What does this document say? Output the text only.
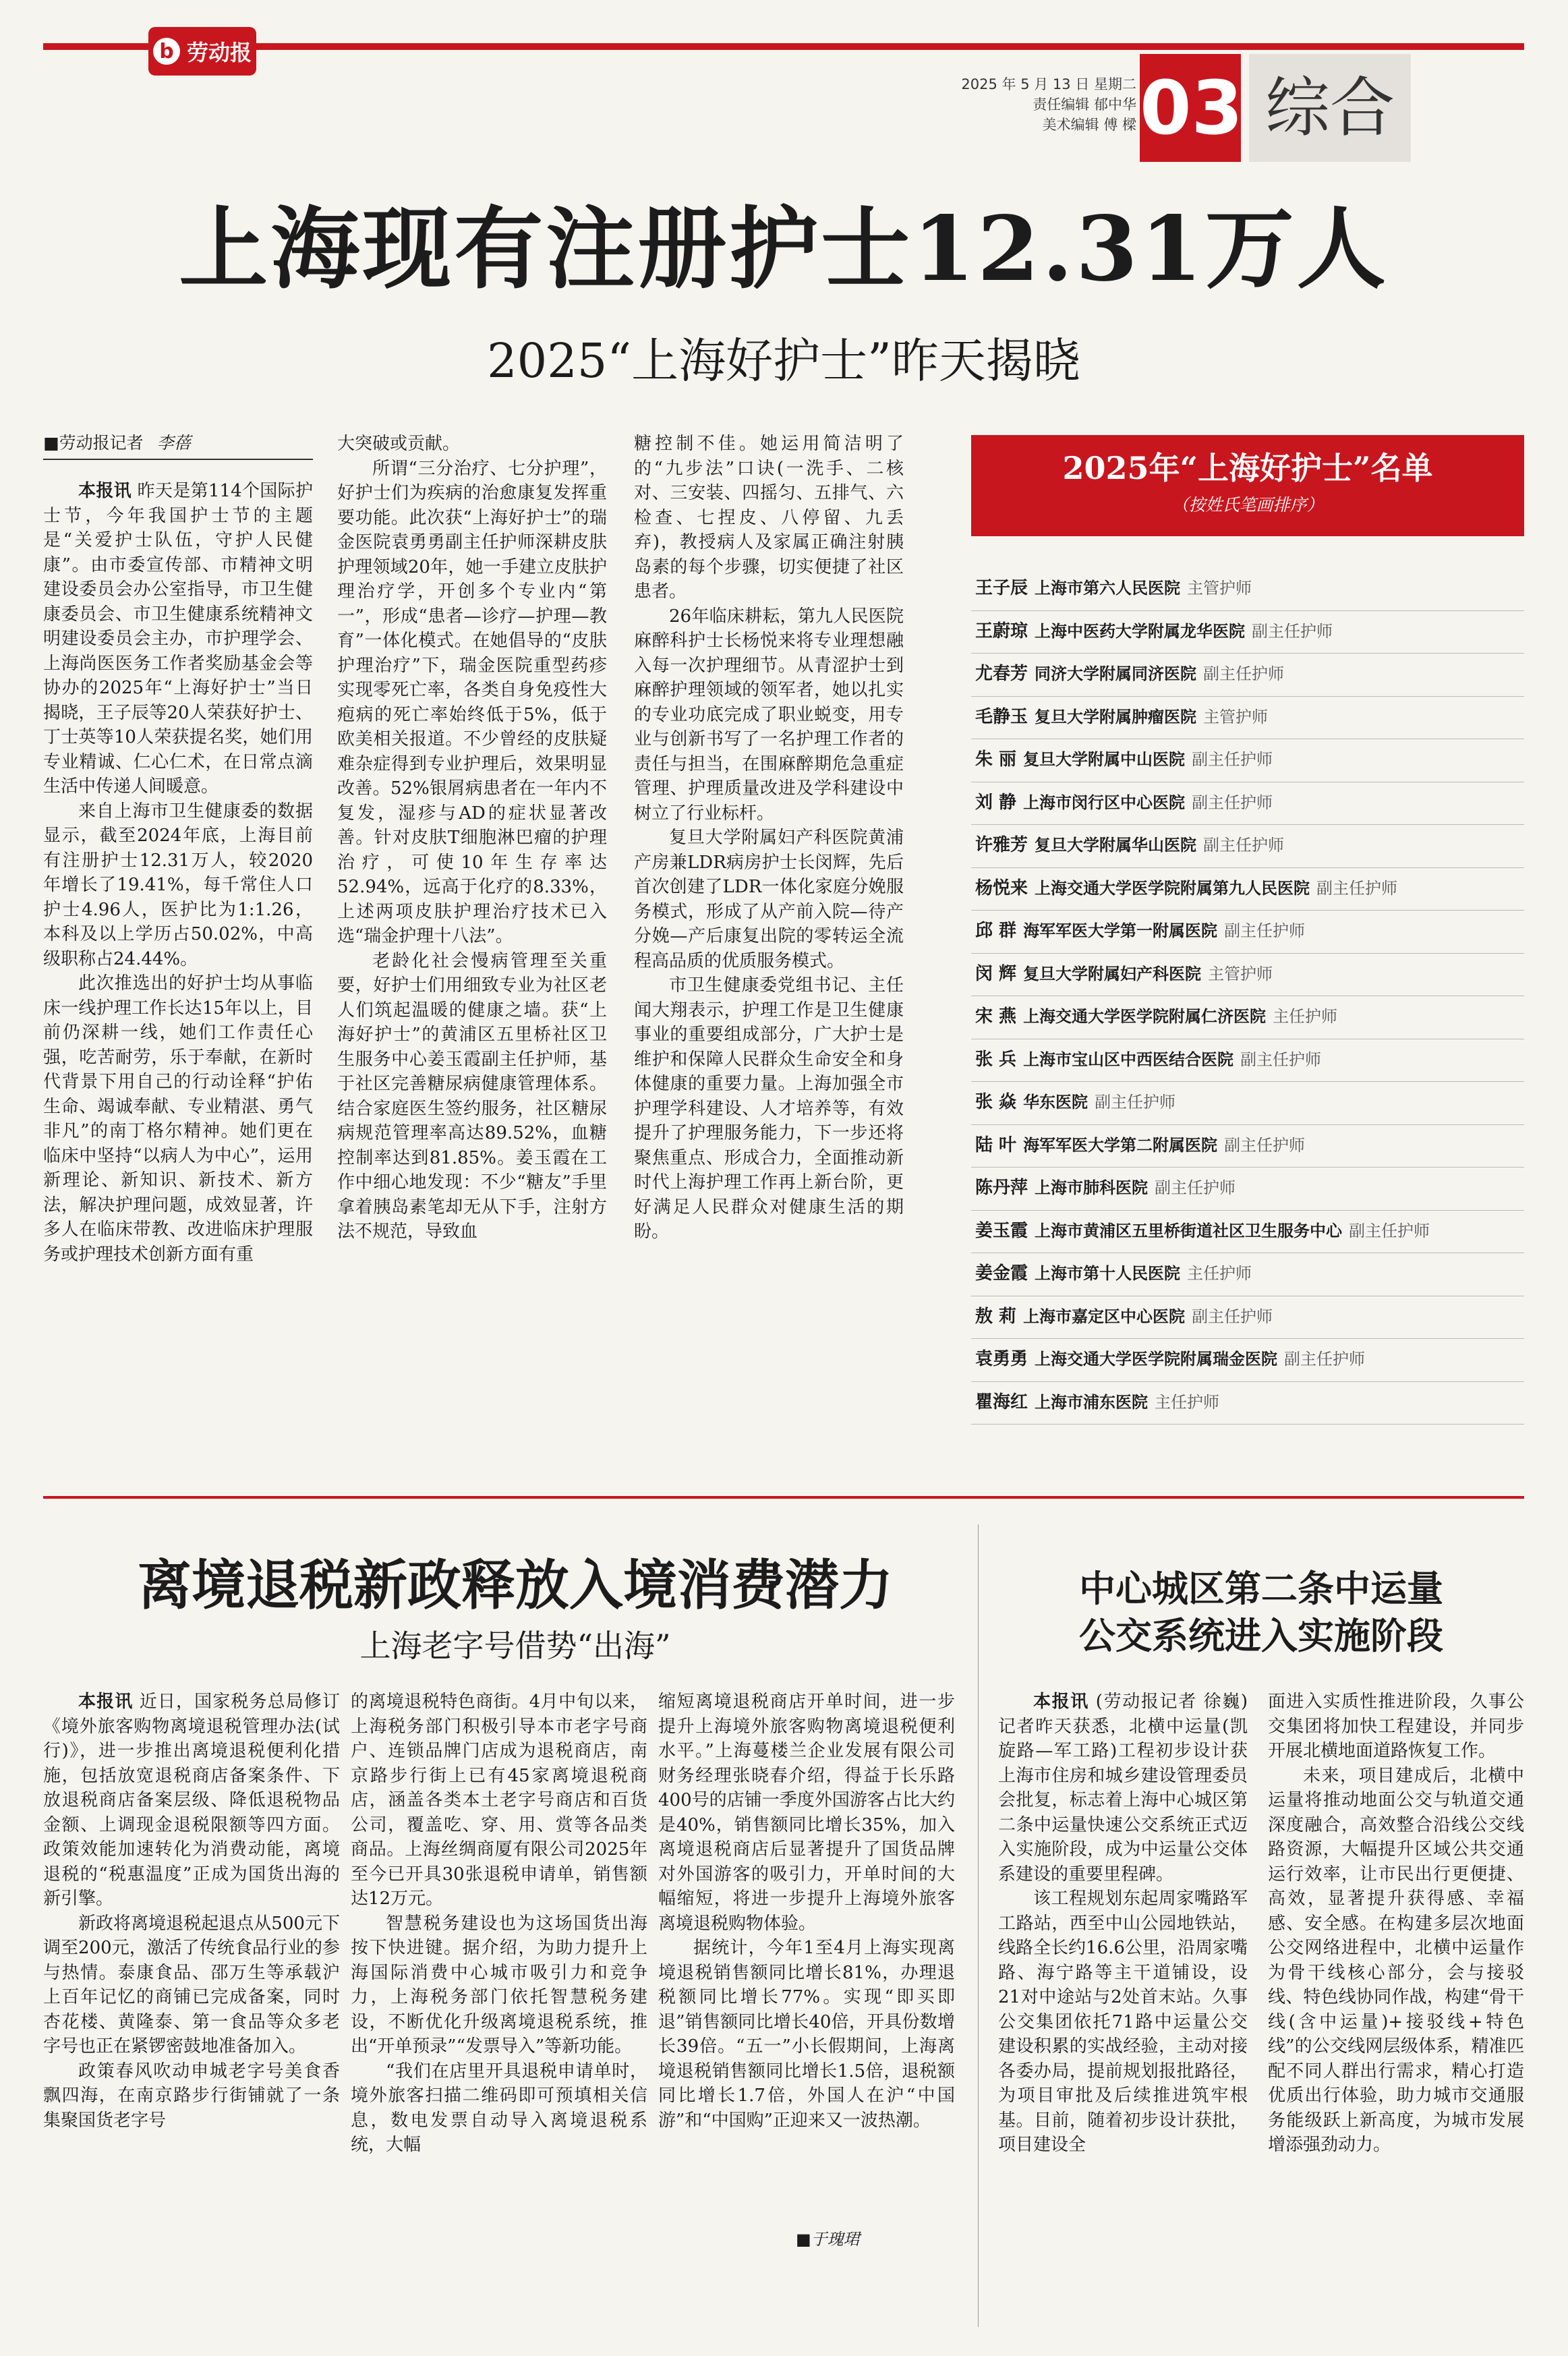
b 劳动报
2025 年 5 月 13 日 星期二
责任编辑 郁中华
美术编辑 傅 樑 03 综合
上海现有注册护士12.31万人
2025“上海好护士”昨天揭晓
■劳动报记者 李蓓

本报讯 昨天是第114个国际护士节，今年我国护士节的主题是“关爱护士队伍，守护人民健康”。由市委宣传部、市精神文明建设委员会办公室指导，市卫生健康委员会、市卫生健康系统精神文明建设委员会主办，市护理学会、上海尚医医务工作者奖励基金会等协办的2025年“上海好护士”当日揭晓，王子辰等20人荣获好护士、丁士英等10人荣获提名奖，她们用专业精诚、仁心仁术，在日常点滴生活中传递人间暖意。

来自上海市卫生健康委的数据显示，截至2024年底，上海目前有注册护士12.31万人，较2020年增长了19.41%，每千常住人口护士4.96人，医护比为1:1.26，本科及以上学历占50.02%，中高级职称占24.44%。

此次推选出的好护士均从事临床一线护理工作长达15年以上，目前仍深耕一线，她们工作责任心强，吃苦耐劳，乐于奉献，在新时代背景下用自己的行动诠释“护佑生命、竭诚奉献、专业精湛、勇气非凡”的南丁格尔精神。她们更在临床中坚持“以病人为中心”，运用新理论、新知识、新技术、新方法，解决护理问题，成效显著，许多人在临床带教、改进临床护理服务或护理技术创新方面有重

大突破或贡献。

所谓“三分治疗、七分护理”，好护士们为疾病的治愈康复发挥重要功能。此次获“上海好护士”的瑞金医院袁勇勇副主任护师深耕皮肤护理领域20年，她一手建立皮肤护理治疗学，开创多个专业内“第一”，形成“患者—诊疗—护理—教育”一体化模式。在她倡导的“皮肤护理治疗”下，瑞金医院重型药疹实现零死亡率，各类自身免疫性大疱病的死亡率始终低于5%，低于欧美相关报道。不少曾经的皮肤疑难杂症得到专业护理后，效果明显改善。52%银屑病患者在一年内不复发，湿疹与AD的症状显著改善。针对皮肤T细胞淋巴瘤的护理治疗，可使10年生存率达52.94%，远高于化疗的8.33%，上述两项皮肤护理治疗技术已入选“瑞金护理十八法”。

老龄化社会慢病管理至关重要，好护士们用细致专业为社区老人们筑起温暖的健康之墙。获“上海好护士”的黄浦区五里桥社区卫生服务中心姜玉霞副主任护师，基于社区完善糖尿病健康管理体系。结合家庭医生签约服务，社区糖尿病规范管理率高达89.52%，血糖控制率达到81.85%。姜玉霞在工作中细心地发现：不少“糖友”手里拿着胰岛素笔却无从下手，注射方法不规范，导致血

糖控制不佳。她运用简洁明了的“九步法”口诀(一洗手、二核对、三安装、四摇匀、五排气、六检查、七捏皮、八停留、九丢弃)，教授病人及家属正确注射胰岛素的每个步骤，切实便捷了社区患者。

26年临床耕耘，第九人民医院麻醉科护士长杨悦来将专业理想融入每一次护理细节。从青涩护士到麻醉护理领域的领军者，她以扎实的专业功底完成了职业蜕变，用专业与创新书写了一名护理工作者的责任与担当，在围麻醉期危急重症管理、护理质量改进及学科建设中树立了行业标杆。

复旦大学附属妇产科医院黄浦产房兼LDR病房护士长闵辉，先后首次创建了LDR一体化家庭分娩服务模式，形成了从产前入院—待产分娩—产后康复出院的零转运全流程高品质的优质服务模式。

市卫生健康委党组书记、主任闻大翔表示，护理工作是卫生健康事业的重要组成部分，广大护士是维护和保障人民群众生命安全和身体健康的重要力量。上海加强全市护理学科建设、人才培养等，有效提升了护理服务能力，下一步还将聚焦重点、形成合力，全面推动新时代上海护理工作再上新台阶，更好满足人民群众对健康生活的期盼。

2025年“上海好护士”名单
（按姓氏笔画排序）
王子辰 上海市第六人民医院 主管护师
王蔚琼 上海中医药大学附属龙华医院 副主任护师
尤春芳 同济大学附属同济医院 副主任护师
毛静玉 复旦大学附属肿瘤医院 主管护师
朱 丽 复旦大学附属中山医院 副主任护师
刘 静 上海市闵行区中心医院 副主任护师
许雅芳 复旦大学附属华山医院 副主任护师
杨悦来 上海交通大学医学院附属第九人民医院 副主任护师
邱 群 海军军医大学第一附属医院 副主任护师
闵 辉 复旦大学附属妇产科医院 主管护师
宋 燕 上海交通大学医学院附属仁济医院 主任护师
张 兵 上海市宝山区中西医结合医院 副主任护师
张 焱 华东医院 副主任护师
陆 叶 海军军医大学第二附属医院 副主任护师
陈丹萍 上海市肺科医院 副主任护师
姜玉霞 上海市黄浦区五里桥街道社区卫生服务中心 副主任护师
姜金霞 上海市第十人民医院 主任护师
敖 莉 上海市嘉定区中心医院 副主任护师
袁勇勇 上海交通大学医学院附属瑞金医院 副主任护师
瞿海红 上海市浦东医院 主任护师
离境退税新政释放入境消费潜力
上海老字号借势“出海”

本报讯 近日，国家税务总局修订《境外旅客购物离境退税管理办法(试行)》，进一步推出离境退税便利化措施，包括放宽退税商店备案条件、下放退税商店备案层级、降低退税物品金额、上调现金退税限额等四方面。政策效能加速转化为消费动能，离境退税的“税惠温度”正成为国货出海的新引擎。

新政将离境退税起退点从500元下调至200元，激活了传统食品行业的参与热情。泰康食品、邵万生等承载沪上百年记忆的商铺已完成备案，同时杏花楼、黄隆泰、第一食品等众多老字号也正在紧锣密鼓地准备加入。

政策春风吹动申城老字号美食香飘四海，在南京路步行街铺就了一条集聚国货老字号

的离境退税特色商街。4月中旬以来，上海税务部门积极引导本市老字号商户、连锁品牌门店成为退税商店，南京路步行街上已有45家离境退税商店，涵盖各类本土老字号商店和百货公司，覆盖吃、穿、用、赏等各品类商品。上海丝绸商厦有限公司2025年至今已开具30张退税申请单，销售额达12万元。

智慧税务建设也为这场国货出海按下快进键。据介绍，为助力提升上海国际消费中心城市吸引力和竞争力，上海税务部门依托智慧税务建设，不断优化升级离境退税系统，推出“开单预录”“发票导入”等新功能。

“我们在店里开具退税申请单时，境外旅客扫描二维码即可预填相关信息，数电发票自动导入离境退税系统，大幅

缩短离境退税商店开单时间，进一步提升上海境外旅客购物离境退税便利水平。”上海蔓楼兰企业发展有限公司财务经理张晓春介绍，得益于长乐路400号的店铺一季度外国游客占比大约是40%，销售额同比增长35%，加入离境退税商店后显著提升了国货品牌对外国游客的吸引力，开单时间的大幅缩短，将进一步提升上海境外旅客离境退税购物体验。

据统计，今年1至4月上海实现离境退税销售额同比增长81%，办理退税额同比增长77%。实现“即买即退”销售额同比增长40倍，开具份数增长39倍。“五一”小长假期间，上海离境退税销售额同比增长1.5倍，退税额同比增长1.7倍，外国人在沪“中国游”和“中国购”正迎来又一波热潮。

■于瑰珺
中心城区第二条中运量
公交系统进入实施阶段

本报讯 (劳动报记者 徐巍)记者昨天获悉，北横中运量(凯旋路—军工路)工程初步设计获上海市住房和城乡建设管理委员会批复，标志着上海中心城区第二条中运量快速公交系统正式迈入实施阶段，成为中运量公交体系建设的重要里程碑。

该工程规划东起周家嘴路军工路站，西至中山公园地铁站，线路全长约16.6公里，沿周家嘴路、海宁路等主干道铺设，设21对中途站与2处首末站。久事公交集团依托71路中运量公交建设积累的实战经验，主动对接各委办局，提前规划报批路径，为项目审批及后续推进筑牢根基。目前，随着初步设计获批，项目建设全

面进入实质性推进阶段，久事公交集团将加快工程建设，并同步开展北横地面道路恢复工作。

未来，项目建成后，北横中运量将推动地面公交与轨道交通深度融合，高效整合沿线公交线路资源，大幅提升区域公共交通运行效率，让市民出行更便捷、高效，显著提升获得感、幸福感、安全感。在构建多层次地面公交网络进程中，北横中运量作为骨干线核心部分，会与接驳线、特色线协同作战，构建“骨干线(含中运量)+接驳线+特色线”的公交线网层级体系，精准匹配不同人群出行需求，精心打造优质出行体验，助力城市交通服务能级跃上新高度，为城市发展增添强劲动力。
